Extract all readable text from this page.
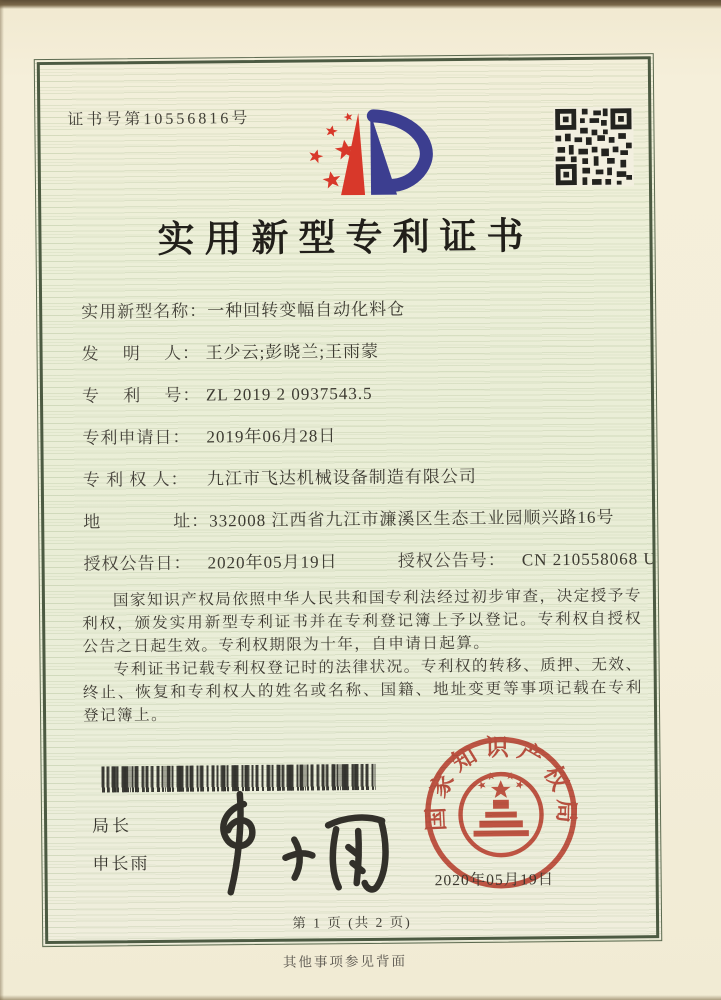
证书号第10556816号
实用新型专利证书
实用新型名称：一种回转变幅自动化料仓
发　 明　 人： 王少云;彭晓兰;王雨蒙
专　 利　 号： ZL 2019 2 0937543.5
专利申请日： 2019年06月28日
专 利 权 人： 九江市飞达机械设备制造有限公司
地　　　　址：332008 江西省九江市濂溪区生态工业园顺兴路16号
授权公告日： 2020年05月19日	授权公告号： CN 210558068 U

国家知识产权局依照中华人民共和国专利法经过初步审查，决定授予专利权，颁发实用新型专利证书并在专利登记簿上予以登记。专利权自授权公告之日起生效。专利权期限为十年，自申请日起算。

专利证书记载专利权登记时的法律状况。专利权的转移、质押、无效、终止、恢复和专利权人的姓名或名称、国籍、地址变更等事项记载在专利登记簿上。

局长
申长雨
国家知识产权局
2020年05月19日
第 1 页 (共 2 页)
其他事项参见背面
